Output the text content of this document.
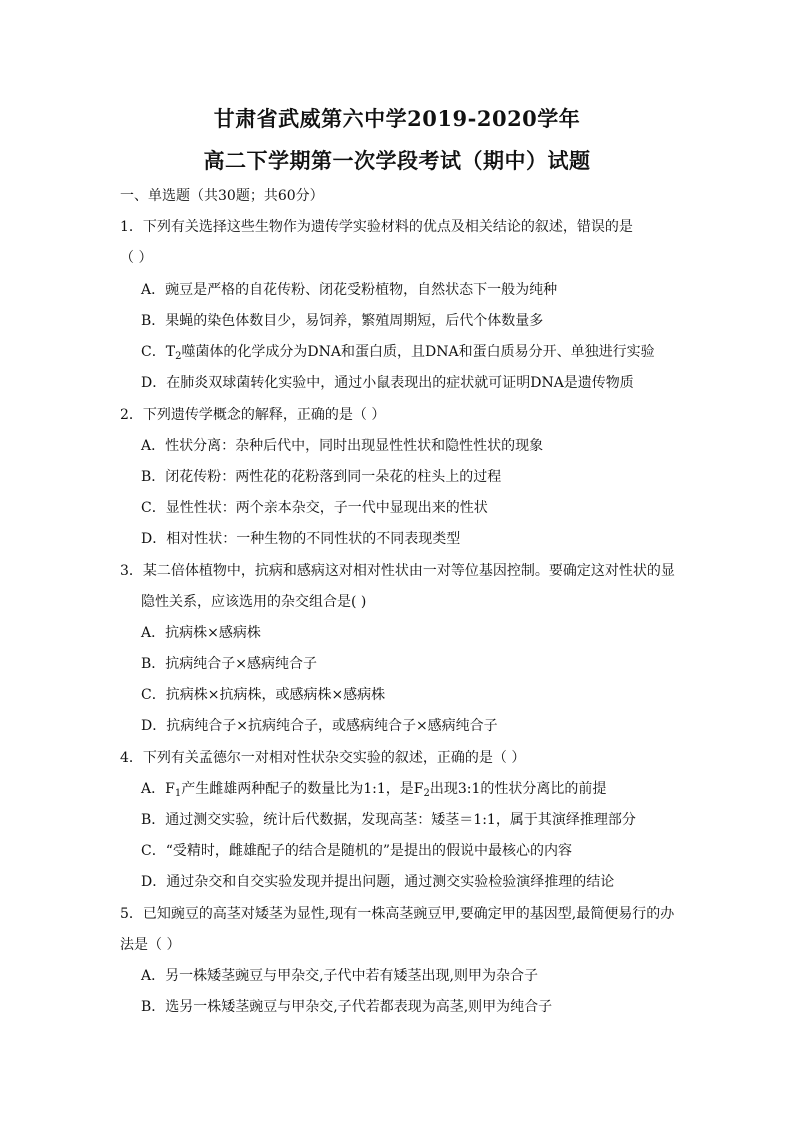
甘肃省武威第六中学2019-2020学年
高二下学期第一次学段考试（期中）试题
一、单选题（共30题；共60分）
1．下列有关选择这些生物作为遗传学实验材料的优点及相关结论的叙述，错误的是
（ ）
A．豌豆是严格的自花传粉、闭花受粉植物，自然状态下一般为纯种
B．果蝇的染色体数目少，易饲养，繁殖周期短，后代个体数量多
C．$T_2$噬菌体的化学成分为DNA和蛋白质，且DNA和蛋白质易分开、单独进行实验
D．在肺炎双球菌转化实验中，通过小鼠表现出的症状就可证明DNA是遗传物质
2．下列遗传学概念的解释，正确的是（ ）
A．性状分离：杂种后代中，同时出现显性性状和隐性性状的现象
B．闭花传粉：两性花的花粉落到同一朵花的柱头上的过程
C．显性性状：两个亲本杂交，子一代中显现出来的性状
D．相对性状：一种生物的不同性状的不同表现类型
3．某二倍体植物中，抗病和感病这对相对性状由一对等位基因控制。要确定这对性状的显
隐性关系，应该选用的杂交组合是( )
A．抗病株×感病株
B．抗病纯合子×感病纯合子
C．抗病株×抗病株，或感病株×感病株
D．抗病纯合子×抗病纯合子，或感病纯合子×感病纯合子
4．下列有关孟德尔一对相对性状杂交实验的叙述，正确的是（ ）
A．$F_1$产生雌雄两种配子的数量比为1:1，是$F_2$出现3:1的性状分离比的前提
B．通过测交实验，统计后代数据，发现高茎：矮茎＝1:1，属于其演绎推理部分
C．“受精时，雌雄配子的结合是随机的”是提出的假说中最核心的内容
D．通过杂交和自交实验发现并提出问题，通过测交实验检验演绎推理的结论
5．已知豌豆的高茎对矮茎为显性,现有一株高茎豌豆甲,要确定甲的基因型,最简便易行的办
法是（ ）
A．另一株矮茎豌豆与甲杂交,子代中若有矮茎出现,则甲为杂合子
B．选另一株矮茎豌豆与甲杂交,子代若都表现为高茎,则甲为纯合子
